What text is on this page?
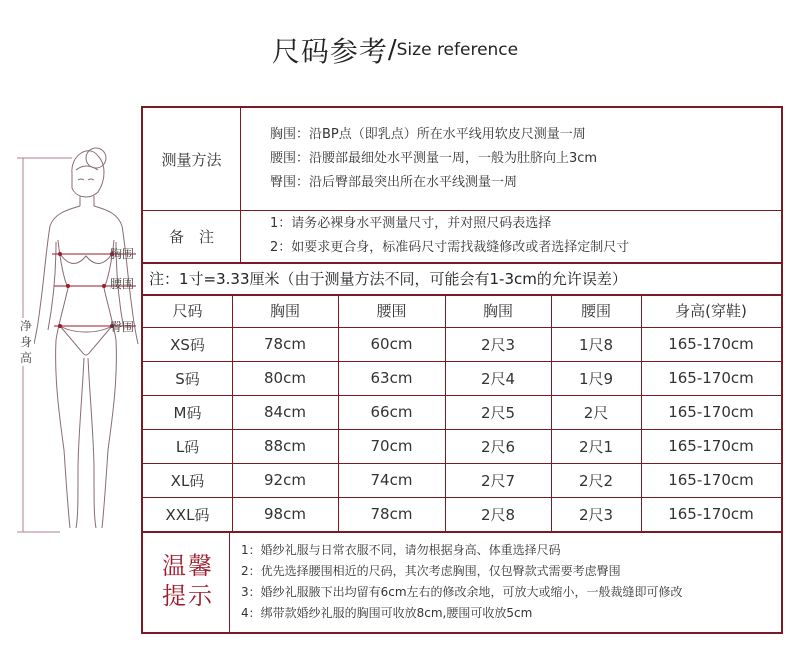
尺码参考/Size reference
胸围
腰围
臀围
净身高
测量方法
胸围：沿BP点（即乳点）所在水平线用软皮尺测量一周
腰围：沿腰部最细处水平测量一周，一般为肚脐向上3cm
臀围：沿后臀部最突出所在水平线测量一周
备　注
1：请务必裸身水平测量尺寸，并对照尺码表选择
2：如要求更合身，标准码尺寸需找裁缝修改或者选择定制尺寸
注：1寸=3.33厘米（由于测量方法不同，可能会有1-3cm的允许误差）
尺码	胸围	腰围	胸围	腰围	身高(穿鞋)
XS码	78cm	60cm	2尺3	1尺8	165-170cm
S码	80cm	63cm	2尺4	1尺9	165-170cm
M码	84cm	66cm	2尺5	2尺	165-170cm
L码	88cm	70cm	2尺6	2尺1	165-170cm
XL码	92cm	74cm	2尺7	2尺2	165-170cm
XXL码	98cm	78cm	2尺8	2尺3	165-170cm
温馨提示
1：婚纱礼服与日常衣服不同，请勿根据身高、体重选择尺码
2：优先选择腰围相近的尺码，其次考虑胸围，仅包臀款式需要考虑臀围
3：婚纱礼服腋下出均留有6cm左右的修改余地，可放大或缩小，一般裁缝即可修改
4：绑带款婚纱礼服的胸围可收放8cm,腰围可收放5cm
